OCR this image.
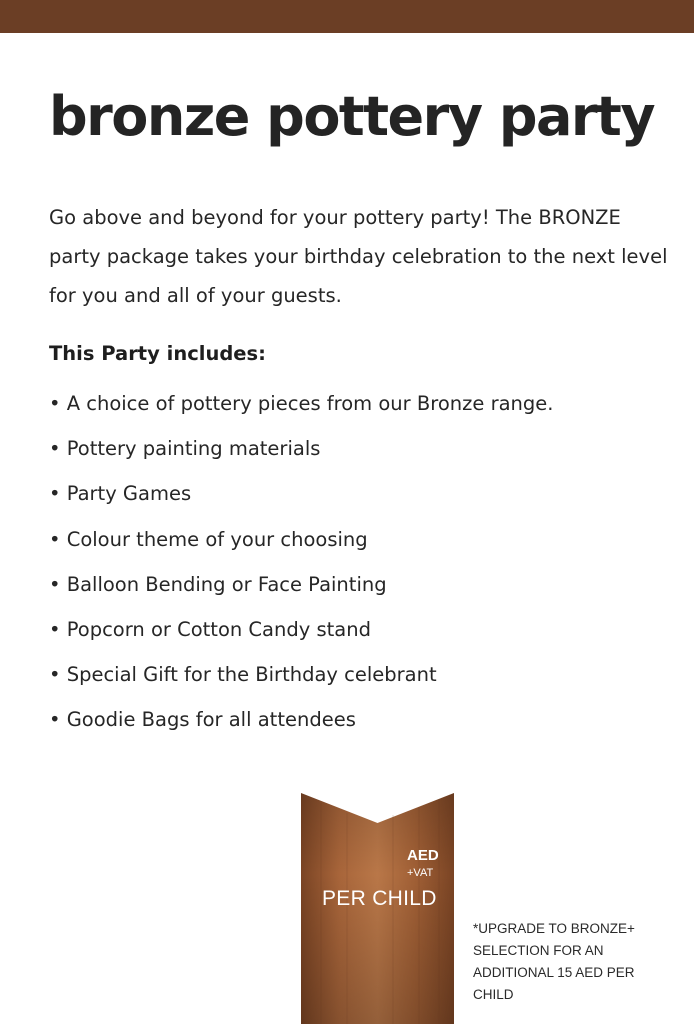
bronze pottery party

Go above and beyond for your pottery party! The BRONZE party package takes your birthday celebration to the next level for you and all of your guests.

This Party includes:
• A choice of pottery pieces from our Bronze range.
• Pottery painting materials
• Party Games
• Colour theme of your choosing
• Balloon Bending or Face Painting
• Popcorn or Cotton Candy stand
• Special Gift for the Birthday celebrant
• Goodie Bags for all attendees
160	AED
+VAT
PER CHILD

*UPGRADE TO BRONZE+ SELECTION FOR AN ADDITIONAL 15 AED PER CHILD
